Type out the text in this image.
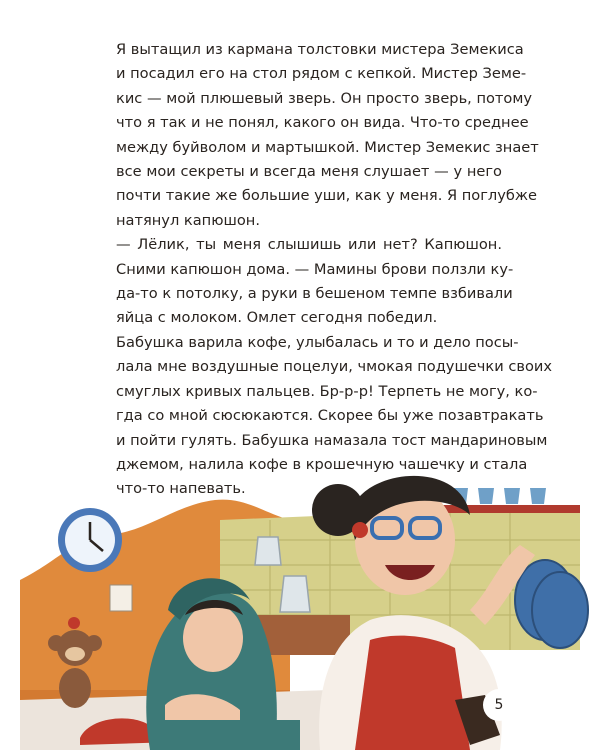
Я вытащил из кармана толстовки мистера Земекиса
и посадил его на стол рядом с кепкой. Мистер Земе-
кис — мой плюшевый зверь. Он просто зверь, потому
что я так и не понял, какого он вида. Что-то среднее
между буйволом и мартышкой. Мистер Земекис знает
все мои секреты и всегда меня слушает — у него
почти такие же большие уши, как у меня. Я поглубже
натянул капюшон.

— Лёлик, ты меня слышишь или нет? Капюшон.
Сними капюшон дома. — Мамины брови ползли ку-
да-то к потолку, а руки в бешеном темпе взбивали
яйца с молоком. Омлет сегодня победил.

Бабушка варила кофе, улыбалась и то и дело посы-
лала мне воздушные поцелуи, чмокая подушечки своих
смуглых кривых пальцев. Бр-р-р! Терпеть не могу, ко-
гда со мной сюсюкаются. Скорее бы уже позавтракать
и пойти гулять. Бабушка намазала тост мандариновым
джемом, налила кофе в крошечную чашечку и стала
что-то напевать.

5
